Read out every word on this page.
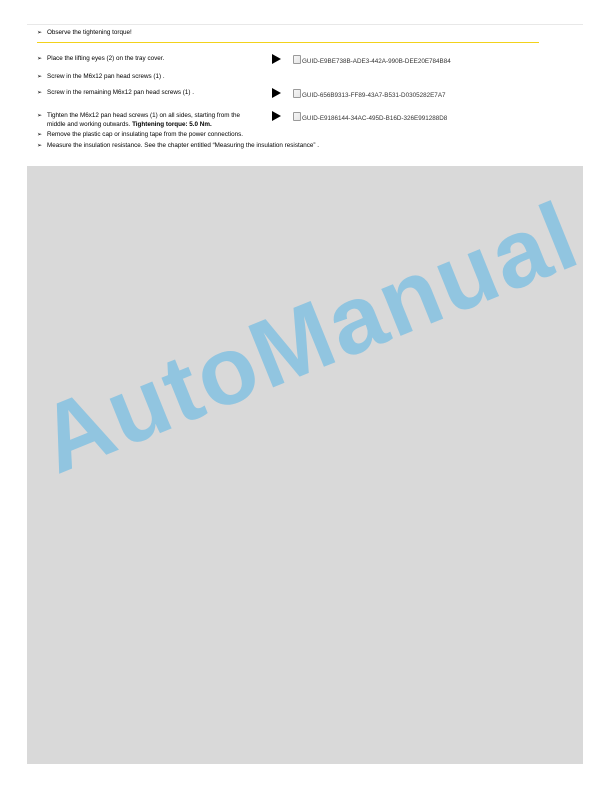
➢ Observe the tightening torque!
➢ Place the lifting eyes (2) on the tray cover.	GUID-E9BE738B-ADE3-442A-990B-DEE20E784B84
➢ Screw in the M6x12 pan head screws (1) .
➢ Screw in the remaining M6x12 pan head screws (1) .	GUID-656B9313-FF89-43A7-B531-D0305282E7A7
➢ Tighten the M6x12 pan head screws (1) on all sides, starting from the
middle and working outwards. Tightening torque: 5.0 Nm.
GUID-E9186144-34AC-495D-B16D-326E991288D8
➢ Remove the plastic cap or insulating tape from the power connections.
➢ Measure the insulation resistance. See the chapter entitled “Measuring the insulation resistance” .
AutoManual
